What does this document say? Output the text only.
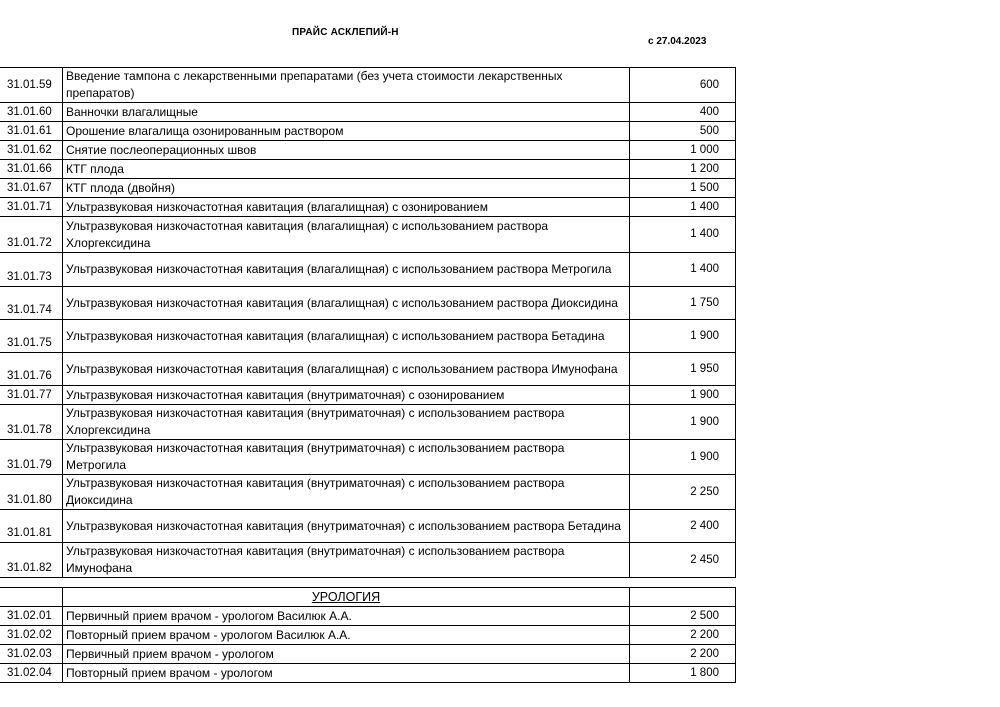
ПРАЙС АСКЛЕПИЙ-Н
с 27.04.2023
31.01.59	Введение тампона с лекарственными препаратами (без учета стоимости лекарственных препаратов)	600
31.01.60	Ванночки влагалищные	400
31.01.61	Орошение влагалища озонированным раствором	500
31.01.62	Снятие послеоперационных швов	1 000
31.01.66	КТГ плода	1 200
31.01.67	КТГ плода (двойня)	1 500
31.01.71	Ультразвуковая низкочастотная кавитация (влагалищная) с озонированием	1 400
31.01.72	Ультразвуковая низкочастотная кавитация (влагалищная) с использованием раствора Хлоргексидина	1 400
31.01.73	Ультразвуковая низкочастотная кавитация (влагалищная) с использованием раствора Метрогила	1 400
31.01.74	Ультразвуковая низкочастотная кавитация (влагалищная) с использованием раствора Диоксидина	1 750
31.01.75	Ультразвуковая низкочастотная кавитация (влагалищная) с использованием раствора Бетадина	1 900
31.01.76	Ультразвуковая низкочастотная кавитация (влагалищная) с использованием раствора Имунофана	1 950
31.01.77	Ультразвуковая низкочастотная кавитация (внутриматочная) с озонированием	1 900
31.01.78	Ультразвуковая низкочастотная кавитация (внутриматочная) с использованием раствора Хлоргексидина	1 900
31.01.79	Ультразвуковая низкочастотная кавитация (внутриматочная) с использованием раствора Метрогила	1 900
31.01.80	Ультразвуковая низкочастотная кавитация (внутриматочная) с использованием раствора Диоксидина	2 250
31.01.81	Ультразвуковая низкочастотная кавитация (внутриматочная) с использованием раствора Бетадина	2 400
31.01.82	Ультразвуковая низкочастотная кавитация (внутриматочная) с использованием раствора Имунофана	2 450
	УРОЛОГИЯ	
31.02.01	Первичный прием врачом - урологом Василюк А.А.	2 500
31.02.02	Повторный прием врачом - урологом Василюк А.А.	2 200
31.02.03	Первичный прием врачом - урологом	2 200
31.02.04	Повторный прием врачом - урологом	1 800
